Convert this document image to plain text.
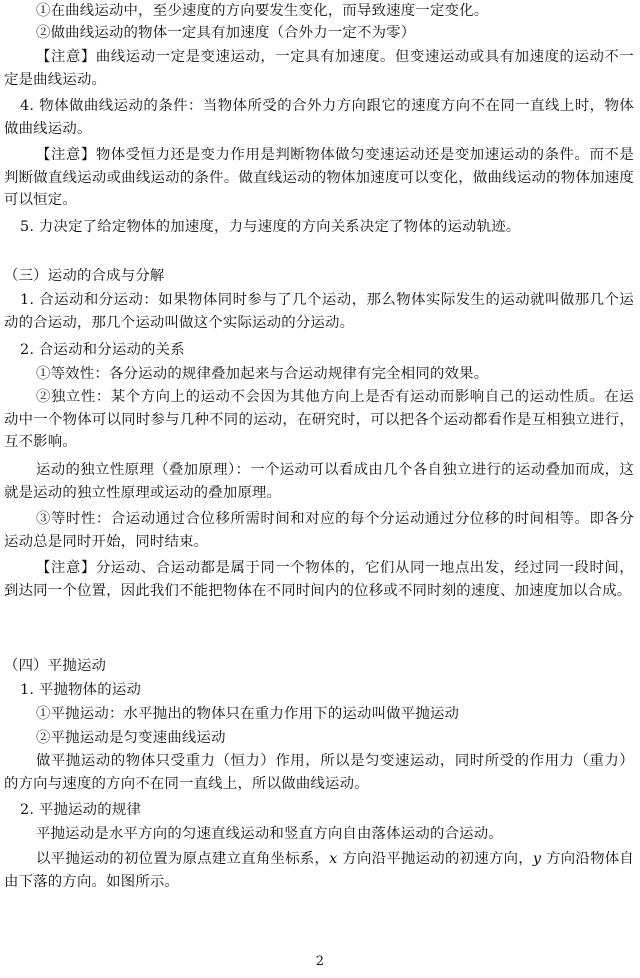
①在曲线运动中，至少速度的方向要发生变化，而导致速度一定变化。

②做曲线运动的物体一定具有加速度（合外力一定不为零）

【注意】曲线运动一定是变速运动，一定具有加速度。但变速运动或具有加速度的运动不一定是曲线运动。

4. 物体做曲线运动的条件：当物体所受的合外力方向跟它的速度方向不在同一直线上时，物体做曲线运动。

【注意】物体受恒力还是变力作用是判断物体做匀变速运动还是变加速运动的条件。而不是判断做直线运动或曲线运动的条件。做直线运动的物体加速度可以变化，做曲线运动的物体加速度可以恒定。

5. 力决定了给定物体的加速度，力与速度的方向关系决定了物体的运动轨迹。

（三）运动的合成与分解

1. 合运动和分运动：如果物体同时参与了几个运动，那么物体实际发生的运动就叫做那几个运动的合运动，那几个运动叫做这个实际运动的分运动。

2. 合运动和分运动的关系

①等效性：各分运动的规律叠加起来与合运动规律有完全相同的效果。

②独立性：某个方向上的运动不会因为其他方向上是否有运动而影响自己的运动性质。在运动中一个物体可以同时参与几种不同的运动，在研究时，可以把各个运动都看作是互相独立进行，互不影响。

运动的独立性原理（叠加原理）：一个运动可以看成由几个各自独立进行的运动叠加而成，这就是运动的独立性原理或运动的叠加原理。

③等时性：合运动通过合位移所需时间和对应的每个分运动通过分位移的时间相等。即各分运动总是同时开始，同时结束。

【注意】分运动、合运动都是属于同一个物体的，它们从同一地点出发，经过同一段时间，到达同一个位置，因此我们不能把物体在不同时间内的位移或不同时刻的速度、加速度加以合成。

（四）平抛运动

1. 平抛物体的运动

①平抛运动：水平抛出的物体只在重力作用下的运动叫做平抛运动

②平抛运动是匀变速曲线运动

做平抛运动的物体只受重力（恒力）作用，所以是匀变速运动，同时所受的作用力（重力）的方向与速度的方向不在同一直线上，所以做曲线运动。

2. 平抛运动的规律

平抛运动是水平方向的匀速直线运动和竖直方向自由落体运动的合运动。

以平抛运动的初位置为原点建立直角坐标系，x 方向沿平抛运动的初速方向，y 方向沿物体自由下落的方向。如图所示。

2
